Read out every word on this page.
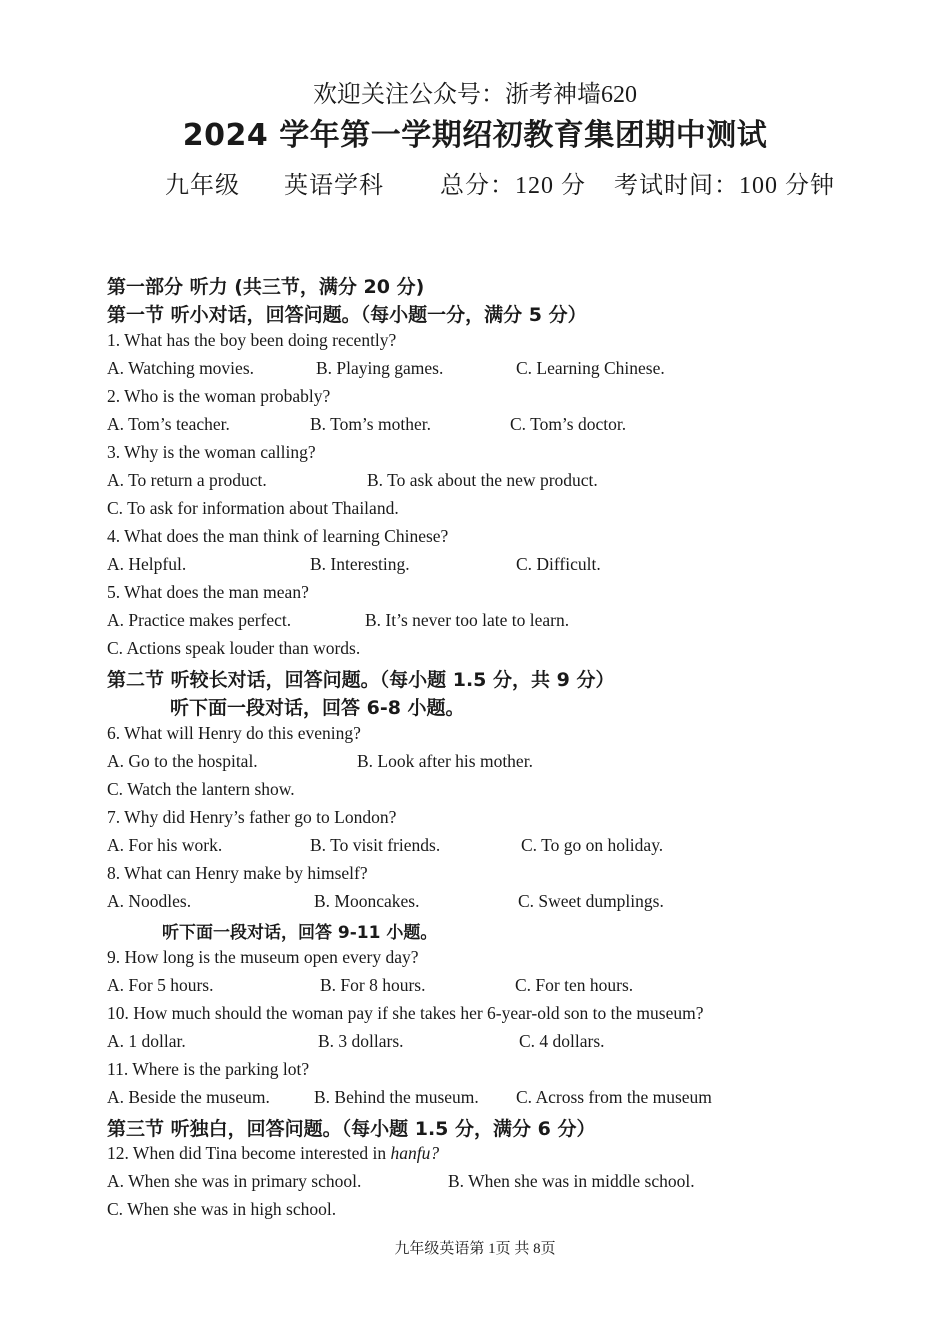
欢迎关注公众号：浙考神墙620
2024 学年第一学期绍初教育集团期中测试
九年级 英语学科 总分：120 分 考试时间：100 分钟
第一部分 听力 (共三节，满分 20 分)
第一节 听小对话，回答问题。（每小题一分，满分 5 分）
1. What has the boy been doing recently?
A. Watching movies.	B. Playing games.	C. Learning Chinese.
2. Who is the woman probably?
A. Tom’s teacher.	B. Tom’s mother.	C. Tom’s doctor.
3. Why is the woman calling?
A. To return a product.	B. To ask about the new product.
C. To ask for information about Thailand.
4. What does the man think of learning Chinese?
A. Helpful.	B. Interesting.	C. Difficult.
5. What does the man mean?
A. Practice makes perfect.	B. It’s never too late to learn.
C. Actions speak louder than words.
第二节 听较长对话，回答问题。（每小题 1.5 分，共 9 分）
听下面一段对话，回答 6-8 小题。
6. What will Henry do this evening?
A. Go to the hospital.	B. Look after his mother.
C. Watch the lantern show.
7. Why did Henry’s father go to London?
A. For his work.	B. To visit friends.	C. To go on holiday.
8. What can Henry make by himself?
A. Noodles.	B. Mooncakes.	C. Sweet dumplings.
听下面一段对话，回答 9-11 小题。
9. How long is the museum open every day?
A. For 5 hours.	B. For 8 hours.	C. For ten hours.
10. How much should the woman pay if she takes her 6-year-old son to the museum?
A. 1 dollar.	B. 3 dollars.	C. 4 dollars.
11. Where is the parking lot?
A. Beside the museum.	B. Behind the museum. C. Across from the museum
第三节 听独白，回答问题。（每小题 1.5 分，满分 6 分）
12. When did Tina become interested in hanfu?
A. When she was in primary school.	B. When she was in middle school.
C. When she was in high school.
九年级英语第 1页 共 8页
